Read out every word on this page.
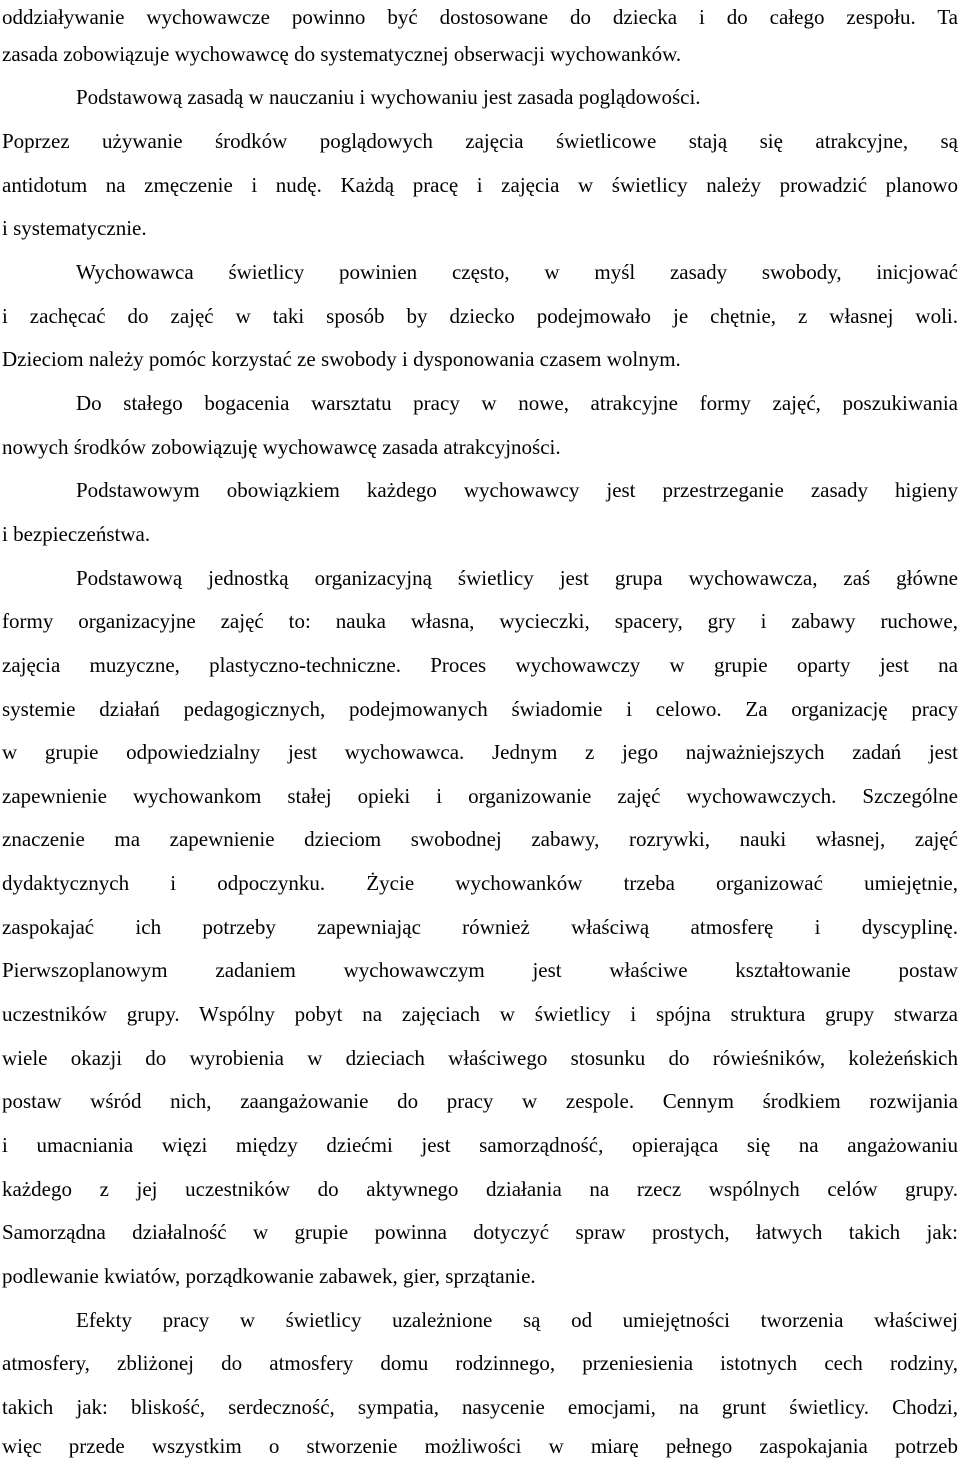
oddziaływanie wychowawcze powinno być dostosowane do dziecka i do całego zespołu. Ta
zasada zobowiązuje wychowawcę do systematycznej obserwacji wychowanków.
Podstawową zasadą w nauczaniu i wychowaniu jest zasada poglądowości.
Poprzez używanie środków poglądowych zajęcia świetlicowe stają się atrakcyjne, są
antidotum na zmęczenie i nudę. Każdą pracę i zajęcia w świetlicy należy prowadzić planowo
i systematycznie.
Wychowawca świetlicy powinien często, w myśl zasady swobody, inicjować
i zachęcać do zajęć w taki sposób by dziecko podejmowało je chętnie, z własnej woli.
Dzieciom należy pomóc korzystać ze swobody i dysponowania czasem wolnym.
Do stałego bogacenia warsztatu pracy w nowe, atrakcyjne formy zajęć, poszukiwania
nowych środków zobowiązuję wychowawcę zasada atrakcyjności.
Podstawowym obowiązkiem każdego wychowawcy jest przestrzeganie zasady higieny
i bezpieczeństwa.
Podstawową jednostką organizacyjną świetlicy jest grupa wychowawcza, zaś główne
formy organizacyjne zajęć to: nauka własna, wycieczki, spacery, gry i zabawy ruchowe,
zajęcia muzyczne, plastyczno-techniczne. Proces wychowawczy w grupie oparty jest na
systemie działań pedagogicznych, podejmowanych świadomie i celowo. Za organizację pracy
w grupie odpowiedzialny jest wychowawca. Jednym z jego najważniejszych zadań jest
zapewnienie wychowankom stałej opieki i organizowanie zajęć wychowawczych. Szczególne
znaczenie ma zapewnienie dzieciom swobodnej zabawy, rozrywki, nauki własnej, zajęć
dydaktycznych i odpoczynku. Życie wychowanków trzeba organizować umiejętnie,
zaspokajać ich potrzeby zapewniając również właściwą atmosferę i dyscyplinę.
Pierwszoplanowym zadaniem wychowawczym jest właściwe kształtowanie postaw
uczestników grupy. Wspólny pobyt na zajęciach w świetlicy i spójna struktura grupy stwarza
wiele okazji do wyrobienia w dzieciach właściwego stosunku do rówieśników, koleżeńskich
postaw wśród nich, zaangażowanie do pracy w zespole. Cennym środkiem rozwijania
i umacniania więzi między dziećmi jest samorządność, opierająca się na angażowaniu
każdego z jej uczestników do aktywnego działania na rzecz wspólnych celów grupy.
Samorządna działalność w grupie powinna dotyczyć spraw prostych, łatwych takich jak:
podlewanie kwiatów, porządkowanie zabawek, gier, sprzątanie.
Efekty pracy w świetlicy uzależnione są od umiejętności tworzenia właściwej
atmosfery, zbliżonej do atmosfery domu rodzinnego, przeniesienia istotnych cech rodziny,
takich jak: bliskość, serdeczność, sympatia, nasycenie emocjami, na grunt świetlicy. Chodzi,
więc przede wszystkim o stworzenie możliwości w miarę pełnego zaspokajania potrzeb
